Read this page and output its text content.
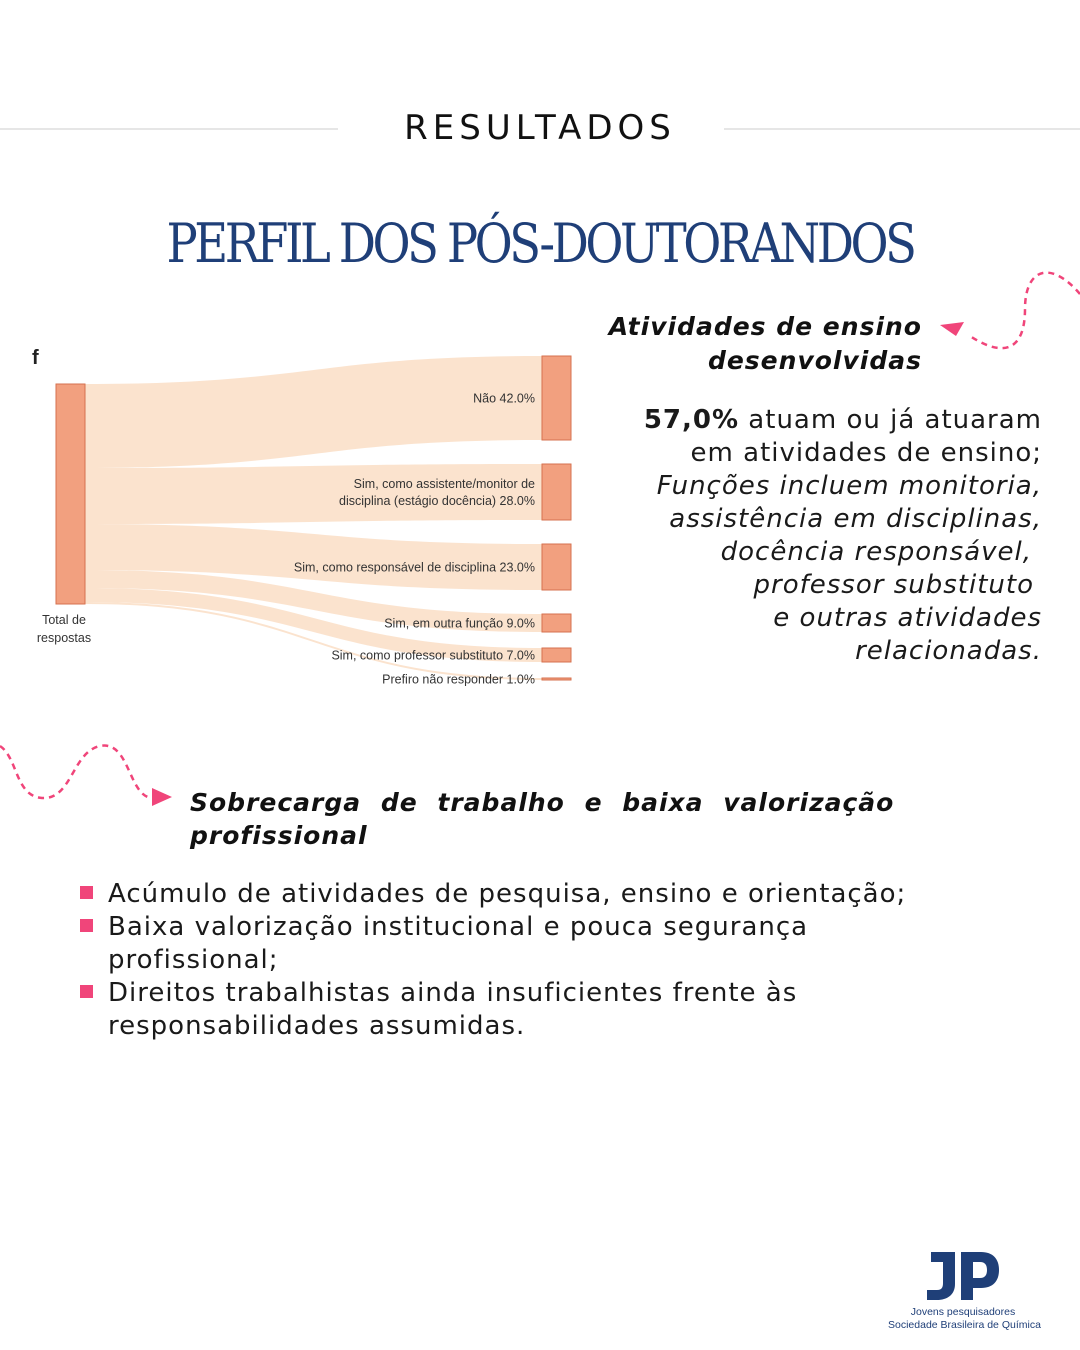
RESULTADOS
PERFIL DOS PÓS-DOUTORANDOS
Não 42.0%
Sim, como assistente/monitor de
disciplina (estágio docência) 28.0%
Sim, como responsável de disciplina 23.0%
Sim, em outra função 9.0%
Sim, como professor substituto 7.0%
Prefiro não responder 1.0%
Total de
respostas
f
Atividades de ensino
desenvolvidas
57,0% atuam ou já atuaram
em atividades de ensino;
Funções incluem monitoria,
assistência em disciplinas,
docência responsável,
professor substituto
e outras atividades
relacionadas.
Sobrecarga de trabalho e baixa valorização
profissional
Acúmulo de atividades de pesquisa, ensino e orientação;
Baixa valorização institucional e pouca segurança profissional;
Direitos trabalhistas ainda insuficientes frente às responsabilidades assumidas.
Jovens pesquisadores
Sociedade Brasileira de Química
